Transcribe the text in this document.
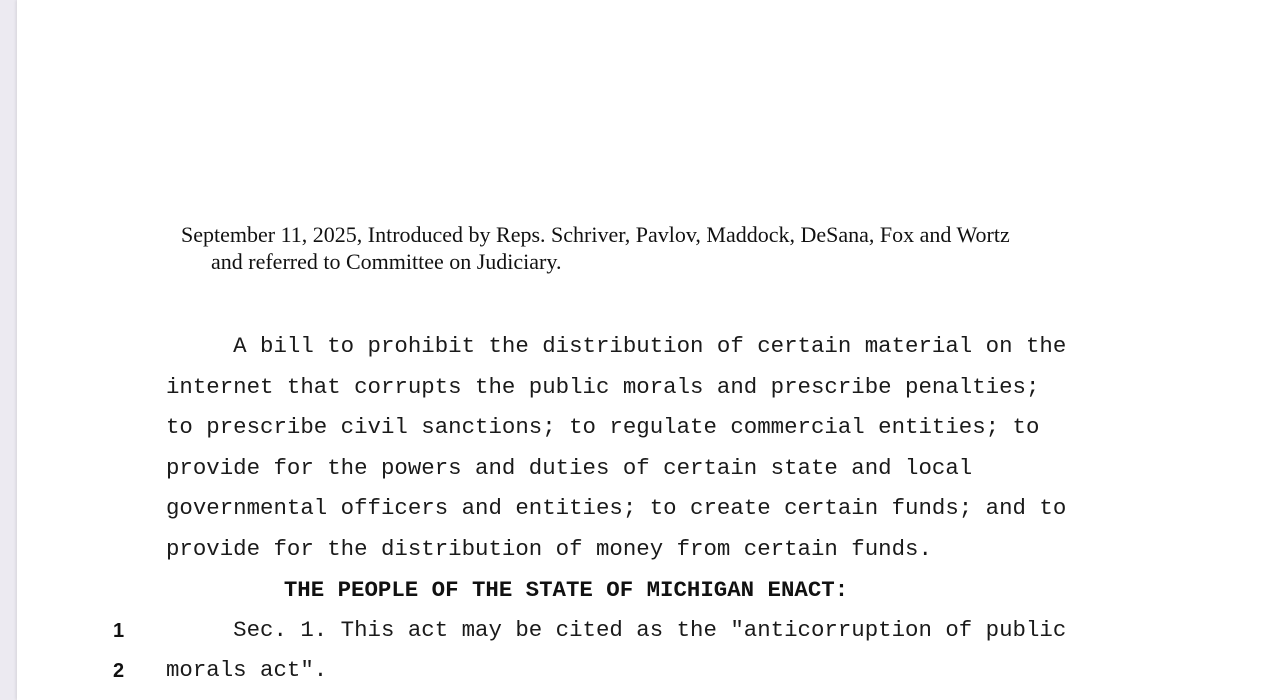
September 11, 2025, Introduced by Reps. Schriver, Pavlov, Maddock, DeSana, Fox and Wortz
and referred to Committee on Judiciary.
A bill to prohibit the distribution of certain material on the
internet that corrupts the public morals and prescribe penalties;
to prescribe civil sanctions; to regulate commercial entities; to
provide for the powers and duties of certain state and local
governmental officers and entities; to create certain funds; and to
provide for the distribution of money from certain funds.
THE PEOPLE OF THE STATE OF MICHIGAN ENACT:
1 Sec. 1. This act may be cited as the "anticorruption of public
2 morals act".
